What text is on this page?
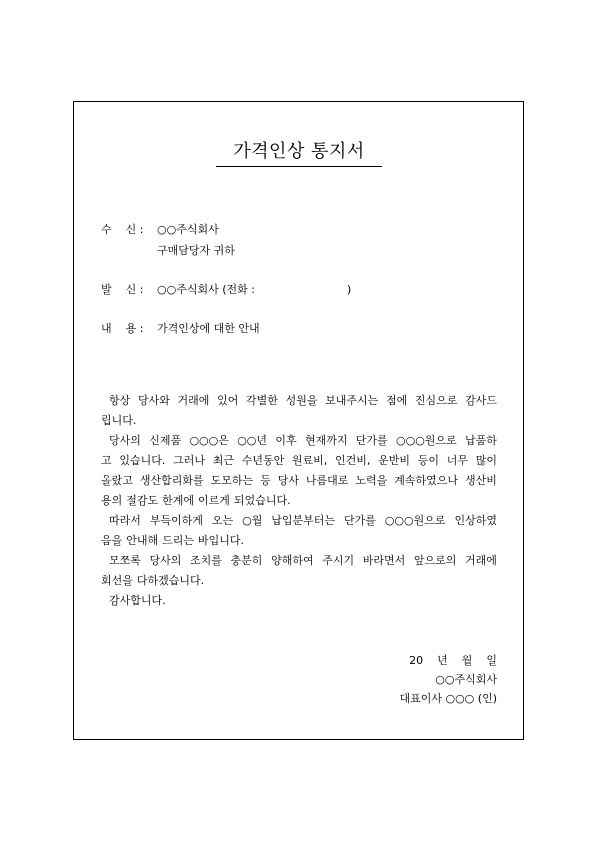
가격인상 통지서
수    신 : ○○주식회사
구매담당자 귀하
발    신 : ○○주식회사 (전화 :	)
내    용 : 가격인상에 대한 안내
항상 당사와 거래에 있어 각별한 성원을 보내주시는 점에 진심으로 감사드
립니다.
당사의 신제품 ○○○은 ○○년 이후 현재까지 단가를 ○○○원으로 납품하
고 있습니다. 그러나 최근 수년동안 원료비, 인건비, 운반비 등이 너무 많이
올랐고 생산합리화를 도모하는 등 당사 나름대로 노력을 계속하였으나 생산비
용의 절감도 한계에 이르게 되었습니다.
따라서 부득이하게 오는 ○월 납입분부터는 단가를 ○○○원으로 인상하였
음을 안내해 드리는 바입니다.
모쪼록 당사의 조치를 충분히 양해하여 주시기 바라면서 앞으로의 거래에
회선을 다하겠습니다.
감사합니다.
20    년    월    일
○○주식회사
대표이사 ○○○ (인)
